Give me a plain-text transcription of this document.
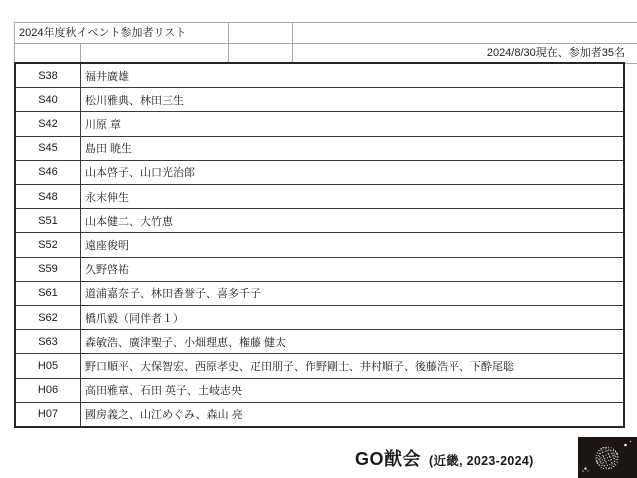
2024年度秋イベント参加者リスト
2024/8/30現在、参加者35名
S38	福井廣雄
S40	松川雅典、林田三生
S42	川原 章
S45	島田 暁生
S46	山本啓子、山口光治郎
S48	永末伸生
S51	山本健二、大竹恵
S52	遠座俊明
S59	久野啓祐
S61	道浦嘉奈子、林田香誉子、喜多千子
S62	橋爪毅（同伴者１）
S63	森敏浩、廣津聖子、小畑理恵、権藤 健太
H05	野口順平、大保智宏、西原孝史、疋田朋子、作野剛士、井村順子、後藤浩平、下酔尾聡
H06	高田雅章、石田 英子、土岐志央
H07	國房義之、山江めぐみ、森山 亮
GO猷会 (近畿, 2023-2024)
